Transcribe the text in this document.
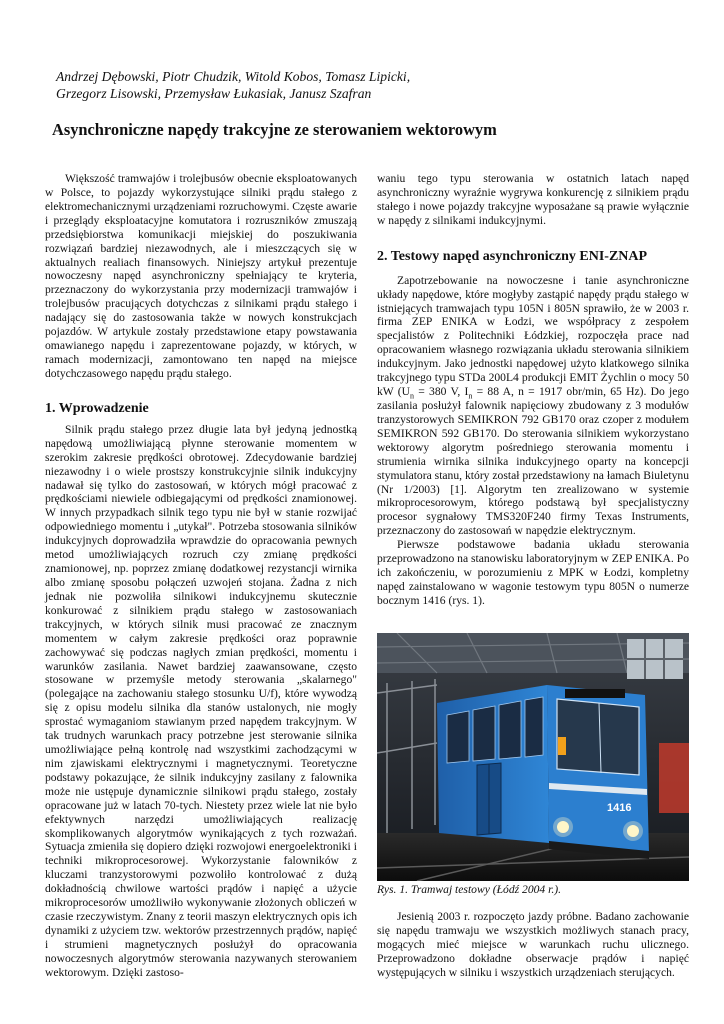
Andrzej Dębowski, Piotr Chudzik, Witold Kobos, Tomasz Lipicki,
Grzegorz Lisowski, Przemysław Łukasiak, Janusz Szafran
Asynchroniczne napędy trakcyjne ze sterowaniem wektorowym

Większość tramwajów i trolejbusów obecnie eksploatowanych w Polsce, to pojazdy wykorzystujące silniki prądu stałego z elektromechanicznymi urządzeniami rozruchowymi. Częste awarie i przeglądy eksploatacyjne komutatora i rozruszników zmuszają przedsiębiorstwa komunikacji miejskiej do poszukiwania rozwiązań bardziej niezawodnych, ale i mieszczących się w aktualnych realiach finansowych. Niniejszy artykuł prezentuje nowoczesny napęd asynchroniczny spełniający te kryteria, przeznaczony do wykorzystania przy modernizacji tramwajów i trolejbusów pracujących dotychczas z silnikami prądu stałego i nadający się do zastosowania także w nowych konstrukcjach pojazdów. W artykule zostały przedstawione etapy powstawania omawianego napędu i zaprezentowane pojazdy, w których, w ramach modernizacji, zamontowano ten napęd na miejsce dotychczasowego napędu prądu stałego.

1. Wprowadzenie

Silnik prądu stałego przez długie lata był jedyną jednostką napędową umożliwiającą płynne sterowanie momentem w szerokim zakresie prędkości obrotowej. Zdecydowanie bardziej niezawodny i o wiele prostszy konstrukcyjnie silnik indukcyjny nadawał się tylko do zastosowań, w których mógł pracować z prędkościami niewiele odbiegającymi od prędkości znamionowej. W innych przypadkach silnik tego typu nie był w stanie rozwijać odpowiedniego momentu i „utykał". Potrzeba stosowania silników indukcyjnych doprowadziła wprawdzie do opracowania pewnych metod umożliwiających rozruch czy zmianę prędkości znamionowej, np. poprzez zmianę dodatkowej rezystancji wirnika albo zmianę sposobu połączeń uzwojeń stojana. Żadna z nich jednak nie pozwoliła silnikowi indukcyjnemu skutecznie konkurować z silnikiem prądu stałego w zastosowaniach trakcyjnych, w których silnik musi pracować ze znacznym momentem w całym zakresie prędkości oraz poprawnie zachowywać się podczas nagłych zmian prędkości, momentu i warunków zasilania. Nawet bardziej zaawansowane, często stosowane w przemyśle metody sterowania „skalarnego" (polegające na zachowaniu stałego stosunku U/f), które wywodzą się z opisu modelu silnika dla stanów ustalonych, nie mogły sprostać wymaganiom stawianym przed napędem trakcyjnym. W tak trudnych warunkach pracy potrzebne jest sterowanie silnika umożliwiające pełną kontrolę nad wszystkimi zachodzącymi w nim zjawiskami elektrycznymi i magnetycznymi. Teoretyczne podstawy pokazujące, że silnik indukcyjny zasilany z falownika może nie ustępuje dynamicznie silnikowi prądu stałego, zostały opracowane już w latach 70-tych. Niestety przez wiele lat nie było efektywnych narzędzi umożliwiających realizację skomplikowanych algorytmów wynikających z tych rozważań. Sytuacja zmieniła się dopiero dzięki rozwojowi energoelektroniki i techniki mikroprocesorowej. Wykorzystanie falowników z kluczami tranzystorowymi pozwoliło kontrolować z dużą dokładnością chwilowe wartości prądów i napięć a użycie mikroprocesorów umożliwiło wykonywanie złożonych obliczeń w czasie rzeczywistym. Znany z teorii maszyn elektrycznych opis ich dynamiki z użyciem tzw. wektorów przestrzennych prądów, napięć i strumieni magnetycznych posłużył do opracowania nowoczesnych algorytmów sterowania nazywanych sterowaniem wektorowym. Dzięki zastoso-

waniu tego typu sterowania w ostatnich latach napęd asynchroniczny wyraźnie wygrywa konkurencję z silnikiem prądu stałego i nowe pojazdy trakcyjne wyposażane są prawie wyłącznie w napędy z silnikami indukcyjnymi.

2. Testowy napęd asynchroniczny ENI-ZNAP

Zapotrzebowanie na nowoczesne i tanie asynchroniczne układy napędowe, które mogłyby zastąpić napędy prądu stałego w istniejących tramwajach typu 105N i 805N sprawiło, że w 2003 r. firma ZEP ENIKA w Łodzi, we współpracy z zespołem specjalistów z Politechniki Łódzkiej, rozpoczęła prace nad opracowaniem własnego rozwiązania układu sterowania silnikiem indukcyjnym. Jako jednostki napędowej użyto klatkowego silnika trakcyjnego typu STDa 200L4 produkcji EMIT Żychlin o mocy 50 kW ($U_n = 380$ V, $I_n = 88$ A, n = 1917 obr/min, 65 Hz). Do jego zasilania posłużył falownik napięciowy zbudowany z 3 modułów tranzystorowych SEMIKRON 792 GB170 oraz czoper z modułem SEMIKRON 592 GB170. Do sterowania silnikiem wykorzystano wektorowy algorytm pośredniego sterowania momentu i strumienia wirnika silnika indukcyjnego oparty na koncepcji stymulatora stanu, który został przedstawiony na łamach Biuletynu (Nr 1/2003) [1]. Algorytm ten zrealizowano w systemie mikroprocesorowym, którego podstawą był specjalistyczny procesor sygnałowy TMS320F240 firmy Texas Instruments, przeznaczony do zastosowań w napędzie elektrycznym.

Pierwsze podstawowe badania układu sterowania przeprowadzono na stanowisku laboratoryjnym w ZEP ENIKA. Po ich zakończeniu, w porozumieniu z MPK w Łodzi, kompletny napęd zainstalowano w wagonie testowym typu 805N o numerze bocznym 1416 (rys. 1).

1416
Rys. 1. Tramwaj testowy (Łódź 2004 r.).

Jesienią 2003 r. rozpoczęto jazdy próbne. Badano zachowanie się napędu tramwaju we wszystkich możliwych stanach pracy, mogących mieć miejsce w warunkach ruchu ulicznego. Przeprowadzono dokładne obserwacje prądów i napięć występujących w silniku i wszystkich urządzeniach sterujących.
